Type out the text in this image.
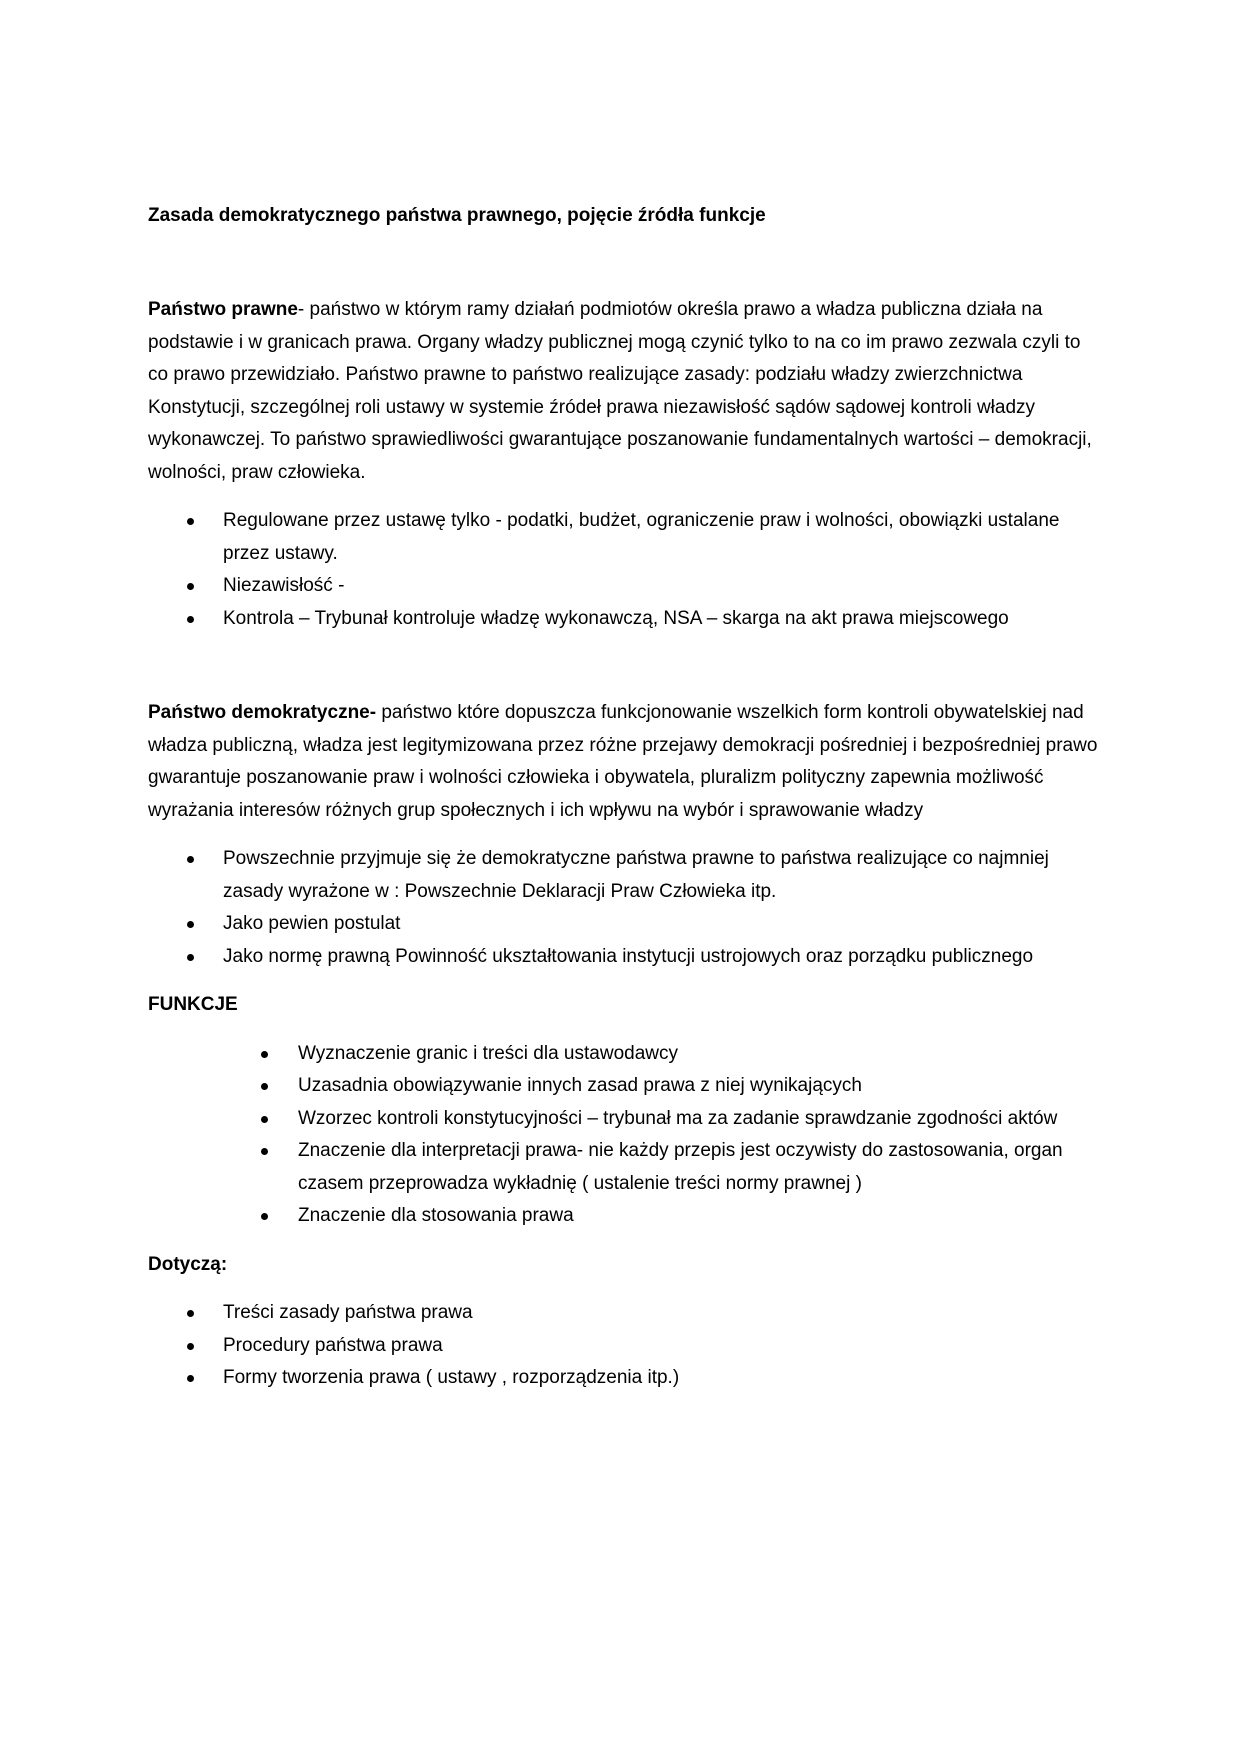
Zasada demokratycznego państwa prawnego, pojęcie źródła funkcje

Państwo prawne- państwo w którym ramy działań podmiotów określa prawo a władza publiczna działa na podstawie i w granicach prawa. Organy władzy publicznej mogą czynić tylko to na co im prawo zezwala czyli to co prawo przewidziało. Państwo prawne to państwo realizujące zasady: podziału władzy zwierzchnictwa Konstytucji, szczególnej roli ustawy w systemie źródeł prawa niezawisłość sądów sądowej kontroli władzy wykonawczej. To państwo sprawiedliwości gwarantujące poszanowanie fundamentalnych wartości – demokracji, wolności, praw człowieka.

Regulowane przez ustawę tylko - podatki, budżet, ograniczenie praw i wolności, obowiązki ustalane przez ustawy.
Niezawisłość -
Kontrola – Trybunał kontroluje władzę wykonawczą, NSA – skarga na akt prawa miejscowego

Państwo demokratyczne- państwo które dopuszcza funkcjonowanie wszelkich form kontroli obywatelskiej nad władza publiczną, władza jest legitymizowana przez różne przejawy demokracji pośredniej i bezpośredniej prawo gwarantuje poszanowanie praw i wolności człowieka i obywatela, pluralizm polityczny zapewnia możliwość wyrażania interesów różnych grup społecznych i ich wpływu na wybór i sprawowanie władzy

Powszechnie przyjmuje się że demokratyczne państwa prawne to państwa realizujące co najmniej zasady wyrażone w : Powszechnie Deklaracji Praw Człowieka itp.
Jako pewien postulat
Jako normę prawną Powinność ukształtowania instytucji ustrojowych oraz porządku publicznego

FUNKCJE

Wyznaczenie granic i treści dla ustawodawcy
Uzasadnia obowiązywanie innych zasad prawa z niej wynikających
Wzorzec kontroli konstytucyjności – trybunał ma za zadanie sprawdzanie zgodności aktów
Znaczenie dla interpretacji prawa- nie każdy przepis jest oczywisty do zastosowania, organ czasem przeprowadza wykładnię ( ustalenie treści normy prawnej )
Znaczenie dla stosowania prawa

Dotyczą:

Treści zasady państwa prawa
Procedury państwa prawa
Formy tworzenia prawa ( ustawy , rozporządzenia itp.)
